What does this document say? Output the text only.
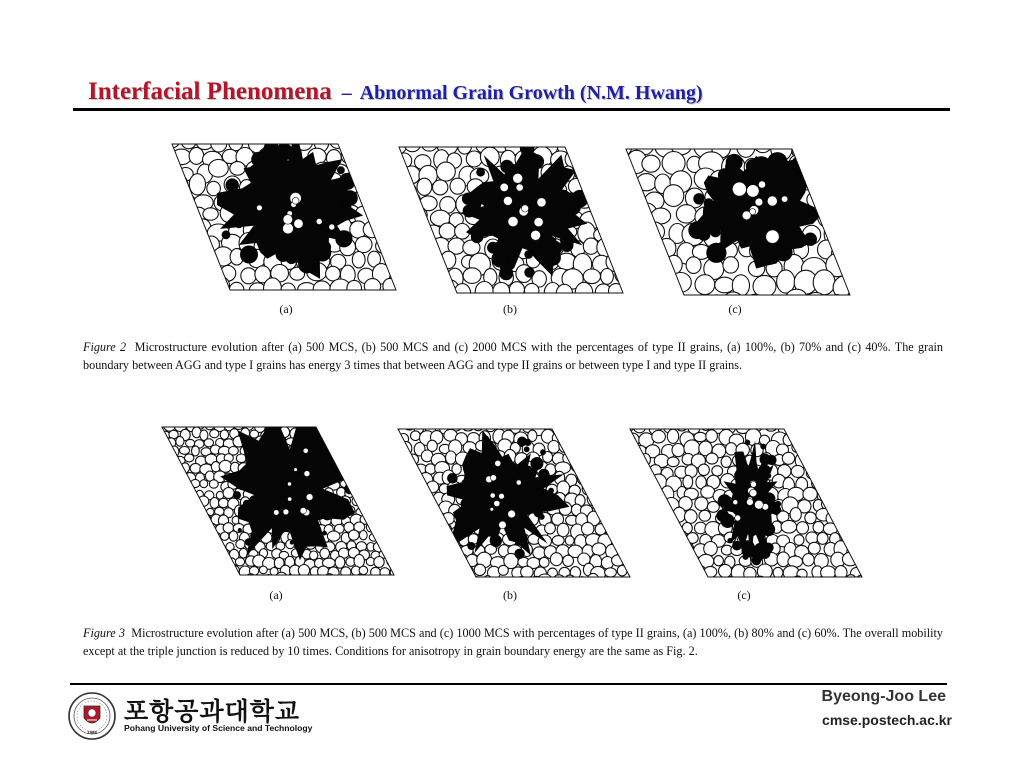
Interfacial Phenomena – Abnormal Grain Growth (N.M. Hwang)
(a)	(b)	(c)
Figure 2 Microstructure evolution after (a) 500 MCS, (b) 500 MCS and (c) 2000 MCS with the percentages of type II grains, (a) 100%, (b) 70% and (c) 40%. The grain boundary between AGG and type I grains has energy 3 times that between AGG and type II grains or between type I and type II grains.
(a)	(b)	(c)
Figure 3 Microstructure evolution after (a) 500 MCS, (b) 500 MCS and (c) 1000 MCS with percentages of type II grains, (a) 100%, (b) 80% and (c) 60%. The overall mobility except at the triple junction is reduced by 10 times. Conditions for anisotropy in grain boundary energy are the same as Fig. 2.
1986
포항공과대학교
Pohang University of Science and Technology
Byeong-Joo Lee
cmse.postech.ac.kr
